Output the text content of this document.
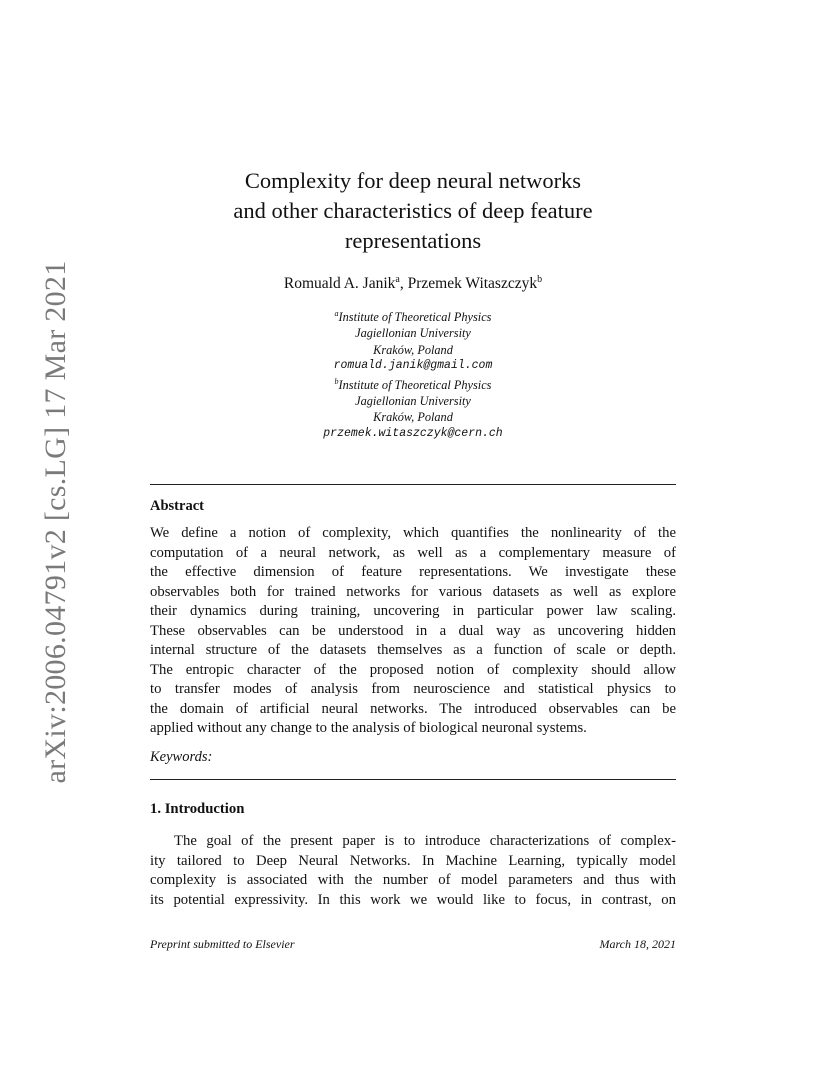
arXiv:2006.04791v2 [cs.LG] 17 Mar 2021
Complexity for deep neural networks
and other characteristics of deep feature
representations
Romuald A. Janik$^a$, Przemek Witaszczyk$^b$
$^a$Institute of Theoretical Physics
Jagiellonian University
Kraków, Poland
romuald.janik@gmail.com
$^b$Institute of Theoretical Physics
Jagiellonian University
Kraków, Poland
przemek.witaszczyk@cern.ch
Abstract
We define a notion of complexity, which quantifies the nonlinearity of the
computation of a neural network, as well as a complementary measure of
the effective dimension of feature representations. We investigate these
observables both for trained networks for various datasets as well as explore
their dynamics during training, uncovering in particular power law scaling.
These observables can be understood in a dual way as uncovering hidden
internal structure of the datasets themselves as a function of scale or depth.
The entropic character of the proposed notion of complexity should allow
to transfer modes of analysis from neuroscience and statistical physics to
the domain of artificial neural networks. The introduced observables can be
applied without any change to the analysis of biological neuronal systems.
Keywords:
1. Introduction
The goal of the present paper is to introduce characterizations of complex-
ity tailored to Deep Neural Networks. In Machine Learning, typically model
complexity is associated with the number of model parameters and thus with
its potential expressivity. In this work we would like to focus, in contrast, on
Preprint submitted to Elsevier	March 18, 2021
